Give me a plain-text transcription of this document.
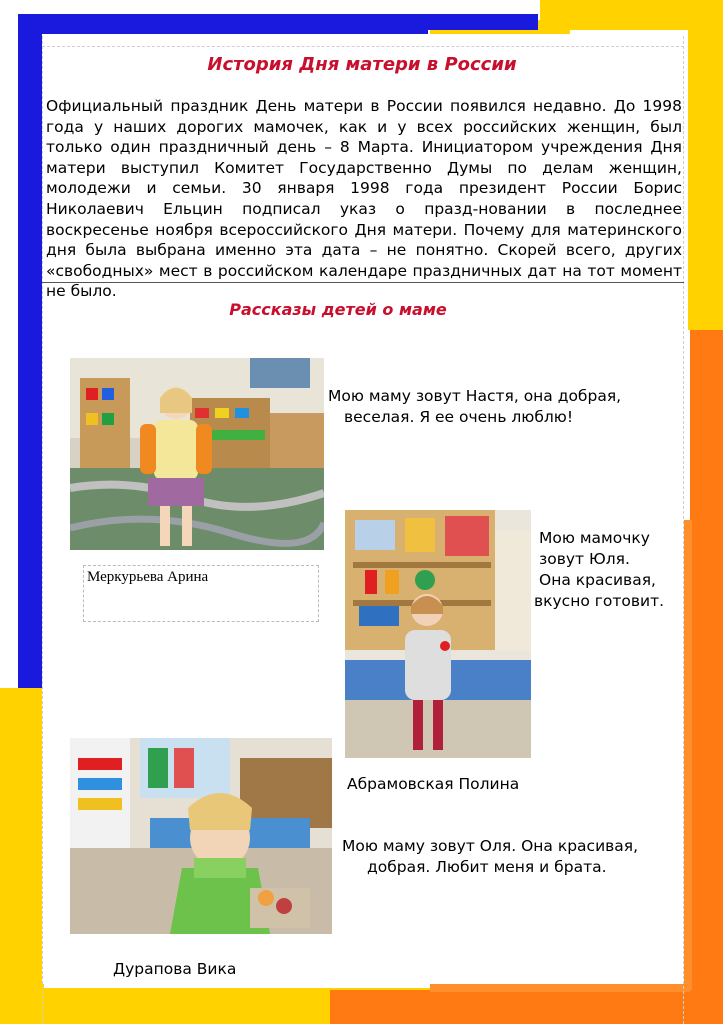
История Дня матери в России
Официальный праздник День матери в России появился недавно. До 1998 года у наших дорогих мамочек, как и у всех российских женщин, был только один праздничный день – 8 Марта. Инициатором учреждения Дня матери выступил Комитет Государственно Думы по делам женщин, молодежи и семьи. 30 января 1998 года президент России Борис Николаевич Ельцин подписал указ о празд-новании в последнее воскресенье ноября всероссийского Дня матери. Почему для материнского дня была выбрана именно эта дата – не понятно. Скорей всего, других «свободных» мест в российском календаре праздничных дат на тот момент не было.
Рассказы детей о маме
Мою маму зовут Настя, она добрая,
веселая. Я ее очень люблю!
Меркурьева Арина
Мою мамочку
зовут Юля.
Она красивая,
вкусно готовит.
Абрамовская Полина
Мою маму зовут Оля. Она красивая,
добрая. Любит меня и брата.
Дурапова Вика
